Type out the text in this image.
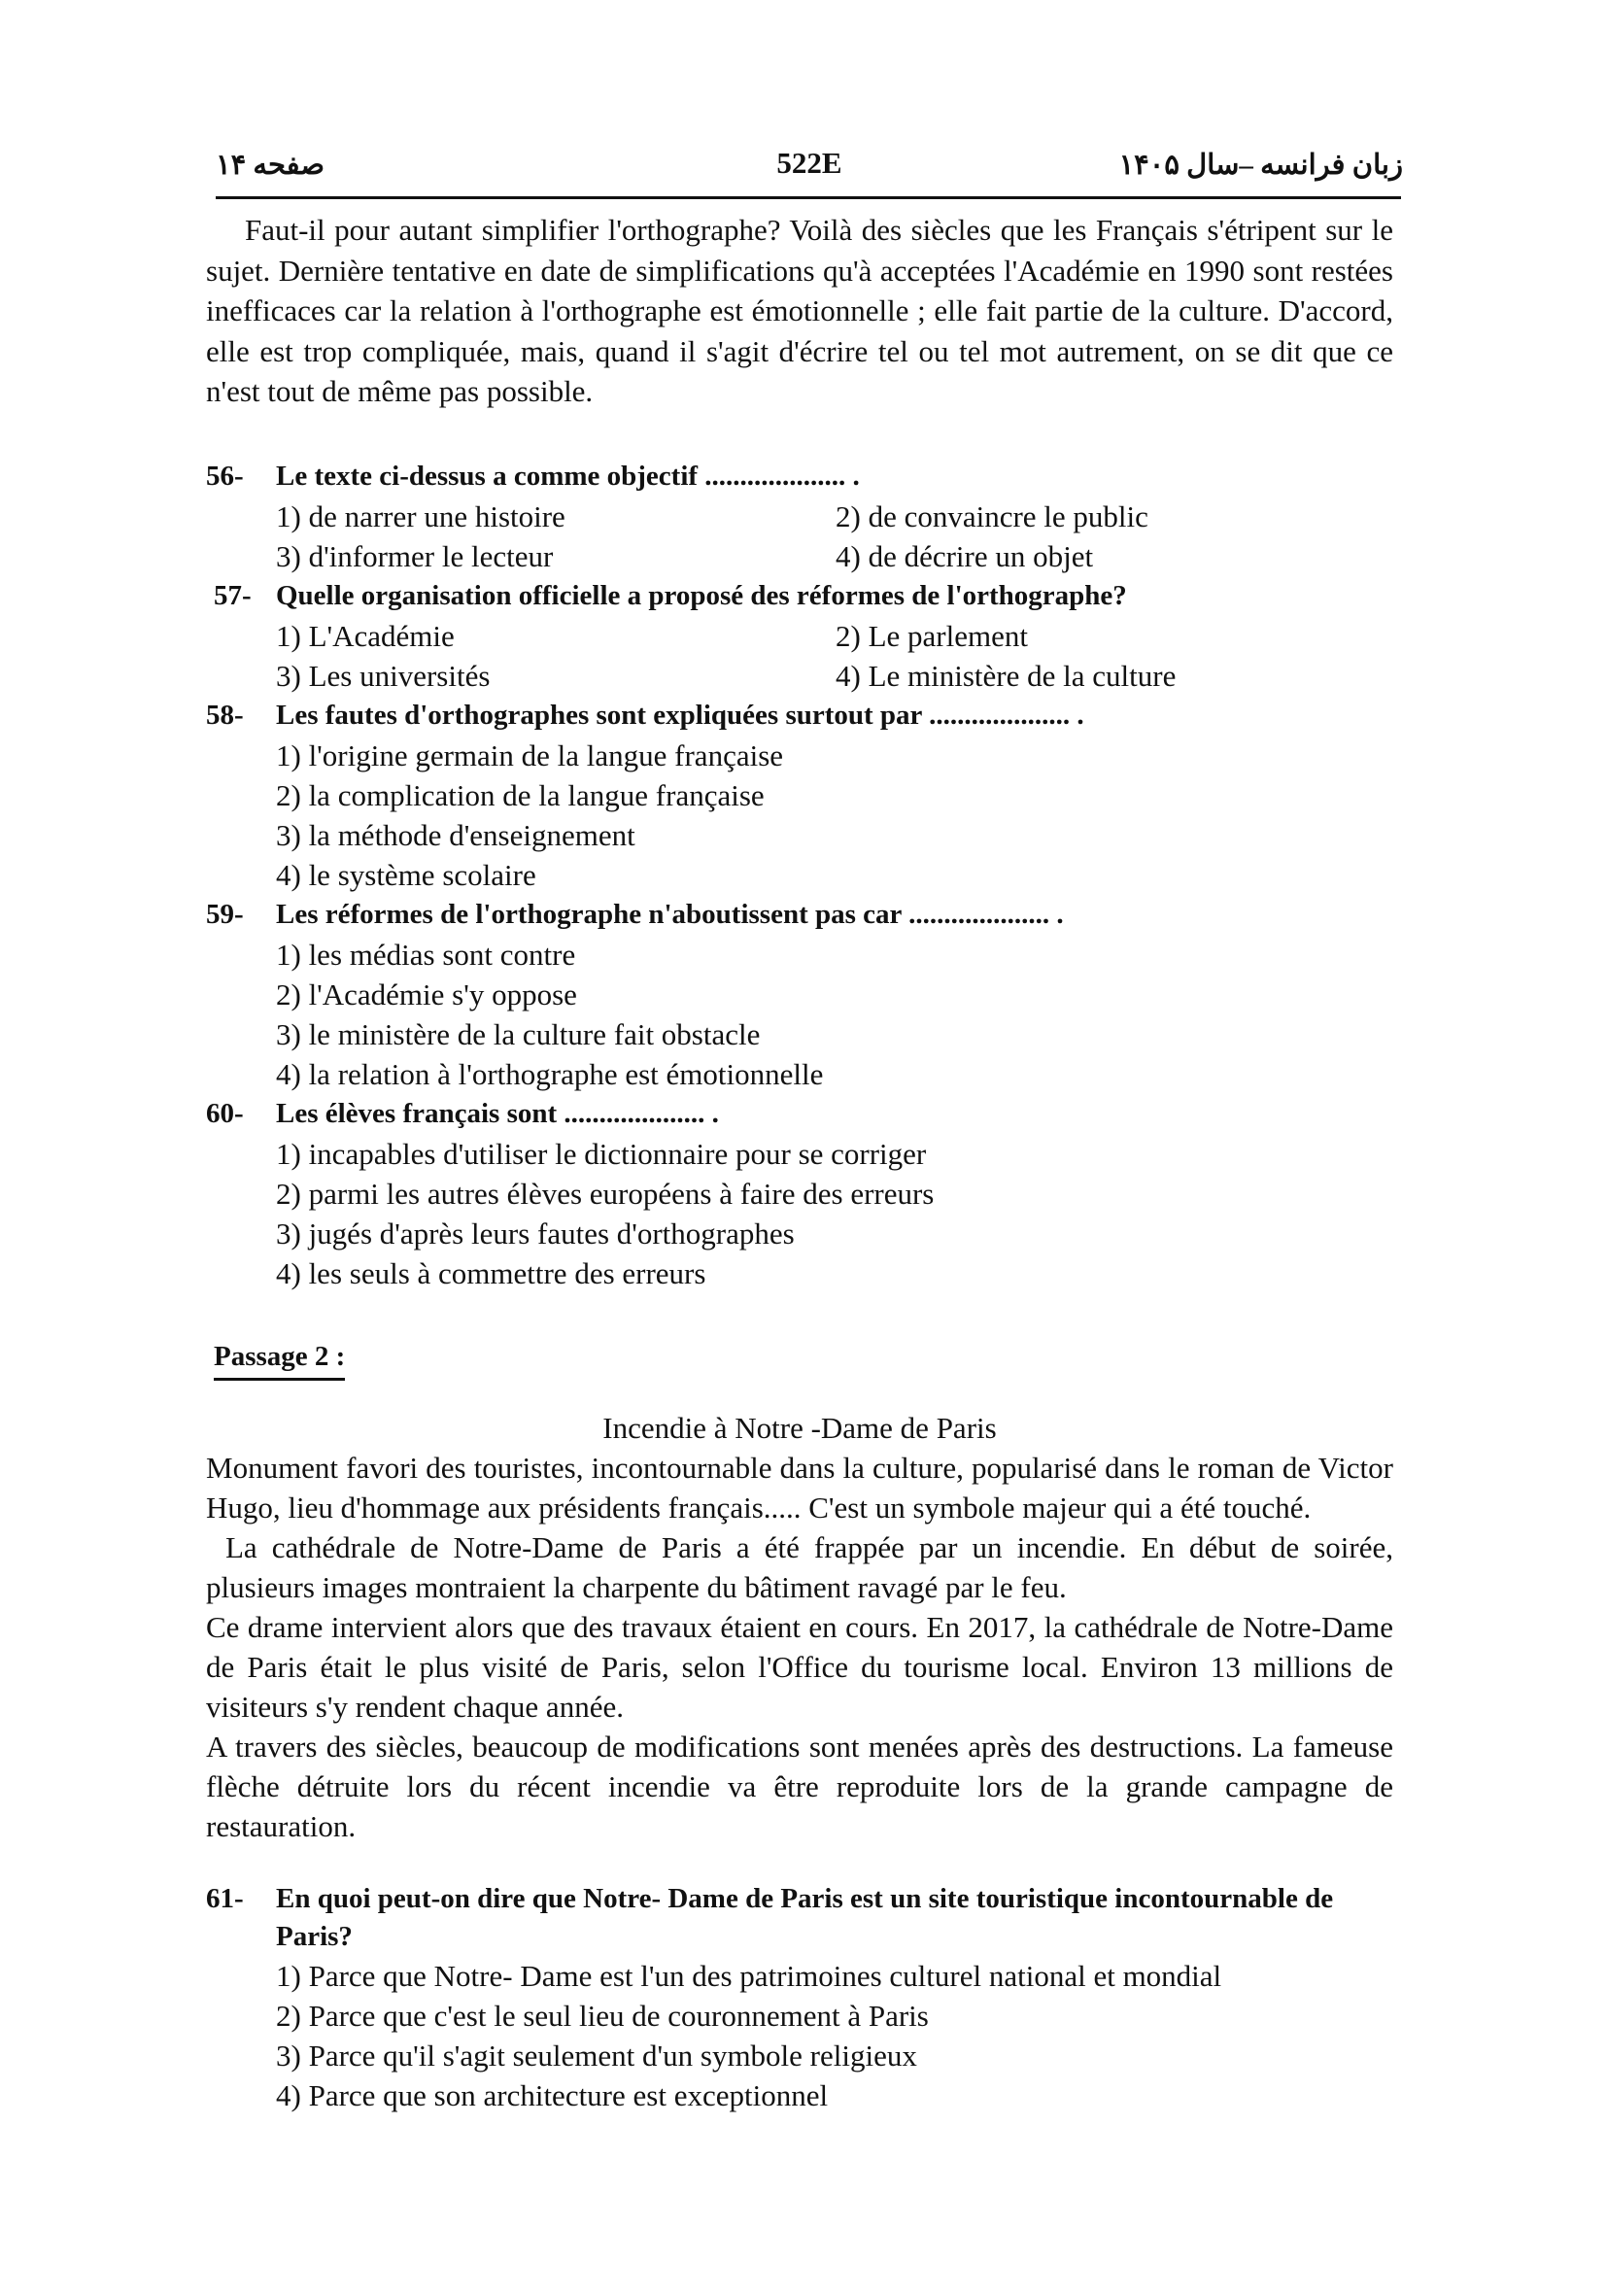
صفحه ۱۴	522E	زبان فرانسه –سال ۱۴۰۵

Faut-il pour autant simplifier l'orthographe? Voilà des siècles que les Français s'étripent sur le sujet. Dernière tentative en date de simplifications qu'à acceptées l'Académie en 1990 sont restées inefficaces car la relation à l'orthographe est émotionnelle ; elle fait partie de la culture. D'accord, elle est trop compliquée, mais, quand il s'agit d'écrire tel ou tel mot autrement, on se dit que ce n'est tout de même pas possible.

56-	Le texte ci-dessus a comme objectif .................... .
1) de narrer une histoire	2) de convaincre le public
3) d'informer le lecteur	4) de décrire un objet
57- Quelle organisation officielle a proposé des réformes de l'orthographe?
1) L'Académie	2) Le parlement
3) Les universités	4) Le ministère de la culture
58-	Les fautes d'orthographes sont expliquées surtout par .................... .
1) l'origine germain de la langue française
2) la complication de la langue française
3) la méthode d'enseignement
4) le système scolaire
59-	Les réformes de l'orthographe n'aboutissent pas car .................... .
1) les médias sont contre
2) l'Académie s'y oppose
3) le ministère de la culture fait obstacle
4) la relation à l'orthographe est émotionnelle
60-	Les élèves français sont .................... .
1) incapables d'utiliser le dictionnaire pour se corriger
2) parmi les autres élèves européens à faire des erreurs
3) jugés d'après leurs fautes d'orthographes
4) les seuls à commettre des erreurs
Passage 2 :
Incendie à Notre -Dame de Paris

Monument favori des touristes, incontournable dans la culture, popularisé dans le roman de Victor Hugo, lieu d'hommage aux présidents français..... C'est un symbole majeur qui a été touché.

La cathédrale de Notre-Dame de Paris a été frappée par un incendie. En début de soirée, plusieurs images montraient la charpente du bâtiment ravagé par le feu.

Ce drame intervient alors que des travaux étaient en cours. En 2017, la cathédrale de Notre-Dame de Paris était le plus visité de Paris, selon l'Office du tourisme local. Environ 13 millions de visiteurs s'y rendent chaque année.

A travers des siècles, beaucoup de modifications sont menées après des destructions. La fameuse flèche détruite lors du récent incendie va être reproduite lors de la grande campagne de restauration.

61-	En quoi peut-on dire que Notre- Dame de Paris est un site touristique incontournable de Paris?
1) Parce que Notre- Dame est l'un des patrimoines culturel national et mondial
2) Parce que c'est le seul lieu de couronnement à Paris
3) Parce qu'il s'agit seulement d'un symbole religieux
4) Parce que son architecture est exceptionnel
